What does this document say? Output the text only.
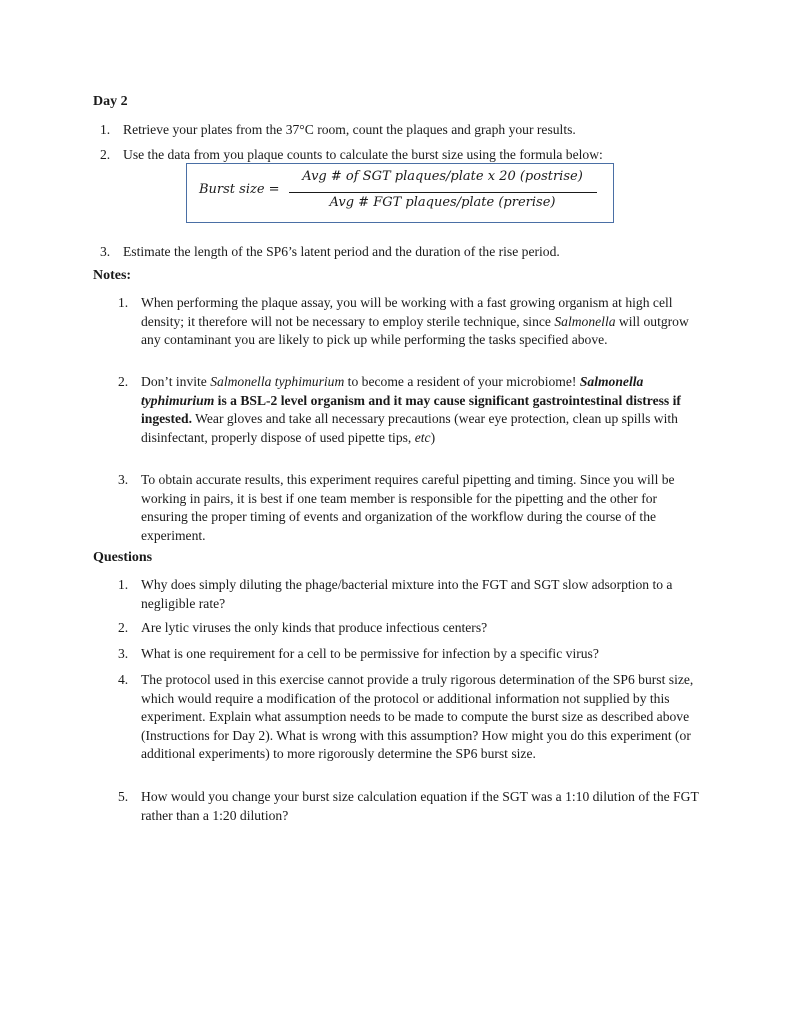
Day 2
1. Retrieve your plates from the 37°C room, count the plaques and graph your results.
2. Use the data from you plaque counts to calculate the burst size using the formula below:
Burst size =
Avg # of SGT plaques/plate x 20 (postrise)
Avg # FGT plaques/plate (prerise)
3. Estimate the length of the SP6’s latent period and the duration of the rise period.
Notes:
1. When performing the plaque assay, you will be working with a fast growing organism at high cell density; it therefore will not be necessary to employ sterile technique, since Salmonella will outgrow any contaminant you are likely to pick up while performing the tasks specified above.
2. Don’t invite Salmonella typhimurium to become a resident of your microbiome! Salmonella typhimurium is a BSL-2 level organism and it may cause significant gastrointestinal distress if ingested. Wear gloves and take all necessary precautions (wear eye protection, clean up spills with disinfectant, properly dispose of used pipette tips, etc)
3. To obtain accurate results, this experiment requires careful pipetting and timing. Since you will be working in pairs, it is best if one team member is responsible for the pipetting and the other for ensuring the proper timing of events and organization of the workflow during the course of the experiment.
Questions
1. Why does simply diluting the phage/bacterial mixture into the FGT and SGT slow adsorption to a negligible rate?
2. Are lytic viruses the only kinds that produce infectious centers?
3. What is one requirement for a cell to be permissive for infection by a specific virus?
4. The protocol used in this exercise cannot provide a truly rigorous determination of the SP6 burst size, which would require a modification of the protocol or additional information not supplied by this experiment. Explain what assumption needs to be made to compute the burst size as described above (Instructions for Day 2). What is wrong with this assumption? How might you do this experiment (or additional experiments) to more rigorously determine the SP6 burst size.
5. How would you change your burst size calculation equation if the SGT was a 1:10 dilution of the FGT rather than a 1:20 dilution?
